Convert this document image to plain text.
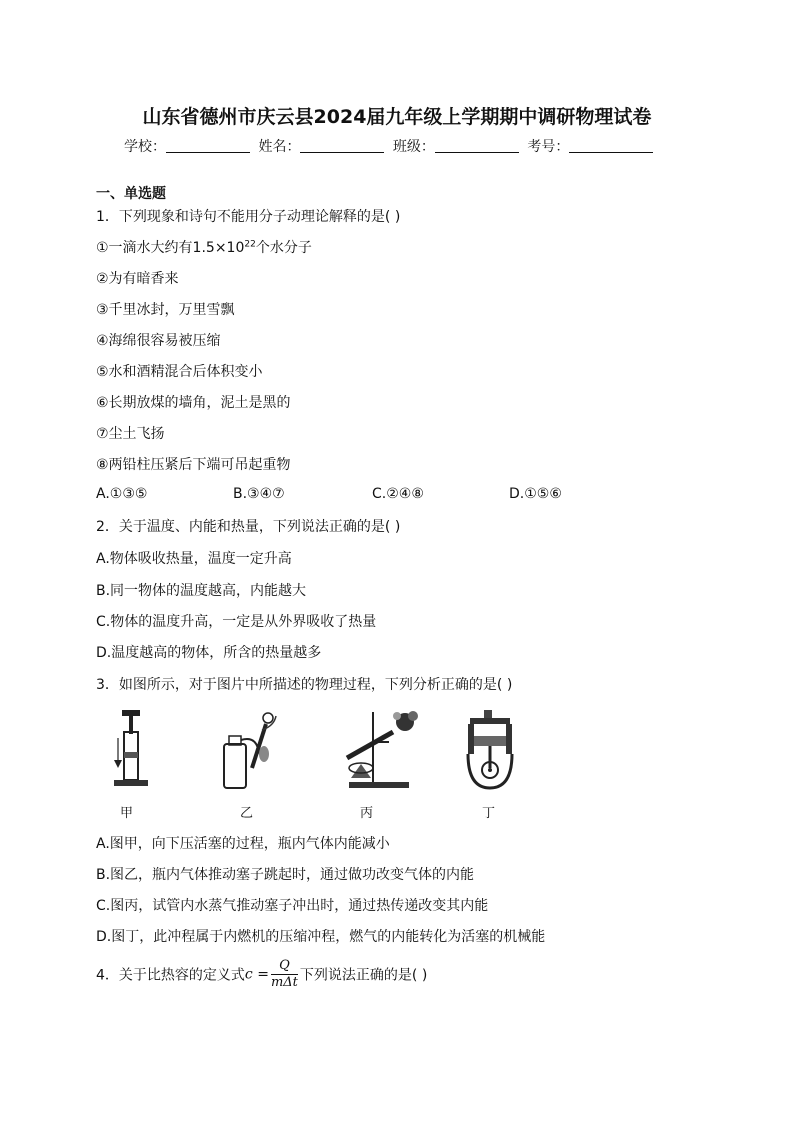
山东省德州市庆云县2024届九年级上学期期中调研物理试卷
学校：	姓名：	班级：	考号：
一、单选题
1．下列现象和诗句不能用分子动理论解释的是( )
①一滴水大约有$1.5\times 10^{22}$个水分子
②为有暗香来
③千里冰封，万里雪飘
④海绵很容易被压缩
⑤水和酒精混合后体积变小
⑥长期放煤的墙角，泥土是黑的
⑦尘土飞扬
⑧两铅柱压紧后下端可吊起重物
A.①③⑤	B.③④⑦	C.②④⑧	D.①⑤⑥
2．关于温度、内能和热量，下列说法正确的是( )
A.物体吸收热量，温度一定升高
B.同一物体的温度越高，内能越大
C.物体的温度升高，一定是从外界吸收了热量
D.温度越高的物体，所含的热量越多
3．如图所示，对于图片中所描述的物理过程，下列分析正确的是( )
甲	乙	丙	丁
A.图甲，向下压活塞的过程，瓶内气体内能减小
B.图乙，瓶内气体推动塞子跳起时，通过做功改变气体的内能
C.图丙，试管内水蒸气推动塞子冲出时，通过热传递改变其内能
D.图丁，此冲程属于内燃机的压缩冲程，燃气的内能转化为活塞的机械能
4．关于比热容的定义式$c = \frac{Q}{\text{mΔt}}$ 下列说法正确的是( )
